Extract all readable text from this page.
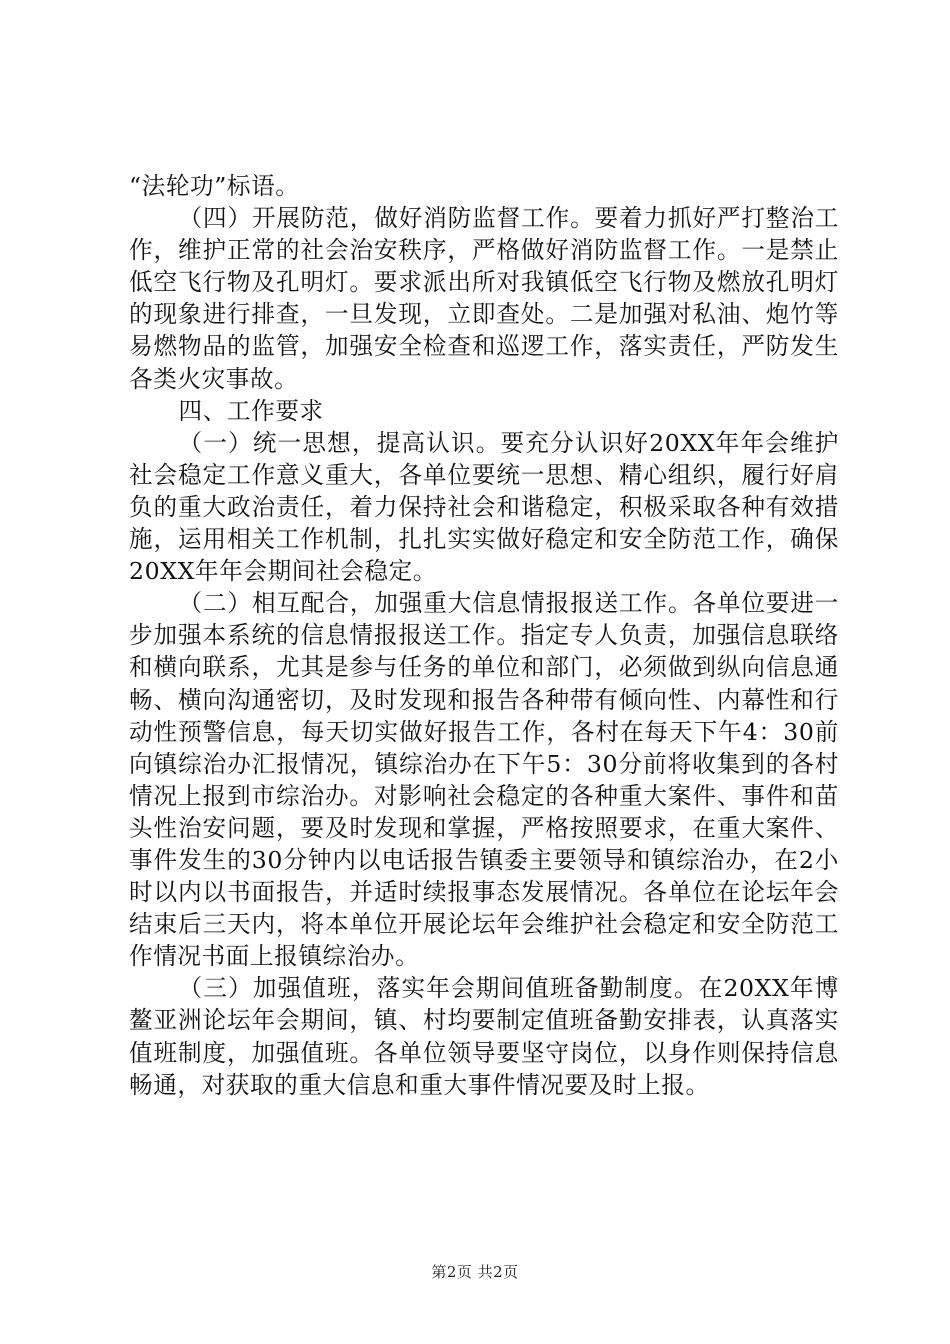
“法轮功”标语。

（四）开展防范，做好消防监督工作。要着力抓好严打整治工作，维护正常的社会治安秩序，严格做好消防监督工作。一是禁止低空飞行物及孔明灯。要求派出所对我镇低空飞行物及燃放孔明灯的现象进行排查，一旦发现，立即查处。二是加强对私油、炮竹等易燃物品的监管，加强安全检查和巡逻工作，落实责任，严防发生各类火灾事故。

四、工作要求

（一）统一思想，提高认识。要充分认识好20XX年年会维护社会稳定工作意义重大，各单位要统一思想、精心组织，履行好肩负的重大政治责任，着力保持社会和谐稳定，积极采取各种有效措施，运用相关工作机制，扎扎实实做好稳定和安全防范工作，确保20XX年年会期间社会稳定。

（二）相互配合，加强重大信息情报报送工作。各单位要进一步加强本系统的信息情报报送工作。指定专人负责，加强信息联络和横向联系，尤其是参与任务的单位和部门，必须做到纵向信息通畅、横向沟通密切，及时发现和报告各种带有倾向性、内幕性和行动性预警信息，每天切实做好报告工作，各村在每天下午4：30前向镇综治办汇报情况，镇综治办在下午5：30分前将收集到的各村情况上报到市综治办。对影响社会稳定的各种重大案件、事件和苗头性治安问题，要及时发现和掌握，严格按照要求，在重大案件、事件发生的30分钟内以电话报告镇委主要领导和镇综治办，在2小时以内以书面报告，并适时续报事态发展情况。各单位在论坛年会结束后三天内，将本单位开展论坛年会维护社会稳定和安全防范工作情况书面上报镇综治办。

（三）加强值班，落实年会期间值班备勤制度。在20XX年博鳌亚洲论坛年会期间，镇、村均要制定值班备勤安排表，认真落实值班制度，加强值班。各单位领导要坚守岗位，以身作则保持信息畅通，对获取的重大信息和重大事件情况要及时上报。

第2页 共2页
